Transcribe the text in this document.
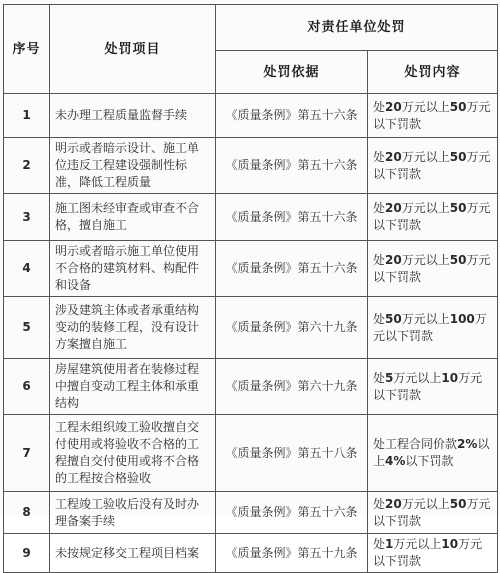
序号	处罚项目	对责任单位处罚	
		处罚依据	处罚内容
1	未办理工程质量监督手续	《质量条例》第五十六条	处20万元以上50万元以下罚款
2	明示或者暗示设计、施工单位违反工程建设强制性标准，降低工程质量	《质量条例》第五十六条	处20万元以上50万元以下罚款
3	施工图未经审查或审查不合格，擅自施工	《质量条例》第五十六条	处20万元以上50万元以下罚款
4	明示或者暗示施工单位使用不合格的建筑材料、构配件和设备	《质量条例》第五十六条	处20万元以上50万元以下罚款
5	涉及建筑主体或者承重结构变动的装修工程，没有设计方案擅自施工	《质量条例》第六十九条	处50万元以上100万元以下罚款
6	房屋建筑使用者在装修过程中擅自变动工程主体和承重结构	《质量条例》第六十九条	处5万元以上10万元以下罚款
7	工程未组织竣工验收擅自交付使用或将验收不合格的工程擅自交付使用或将不合格的工程按合格验收	《质量条例》第五十八条	处工程合同价款2%以上4%以下罚款
8	工程竣工验收后没有及时办理备案手续	《质量条例》第五十六条	处20万元以上50万元以下罚款
9	未按规定移交工程项目档案	《质量条例》第五十九条	处1万元以上10万元以下罚款
